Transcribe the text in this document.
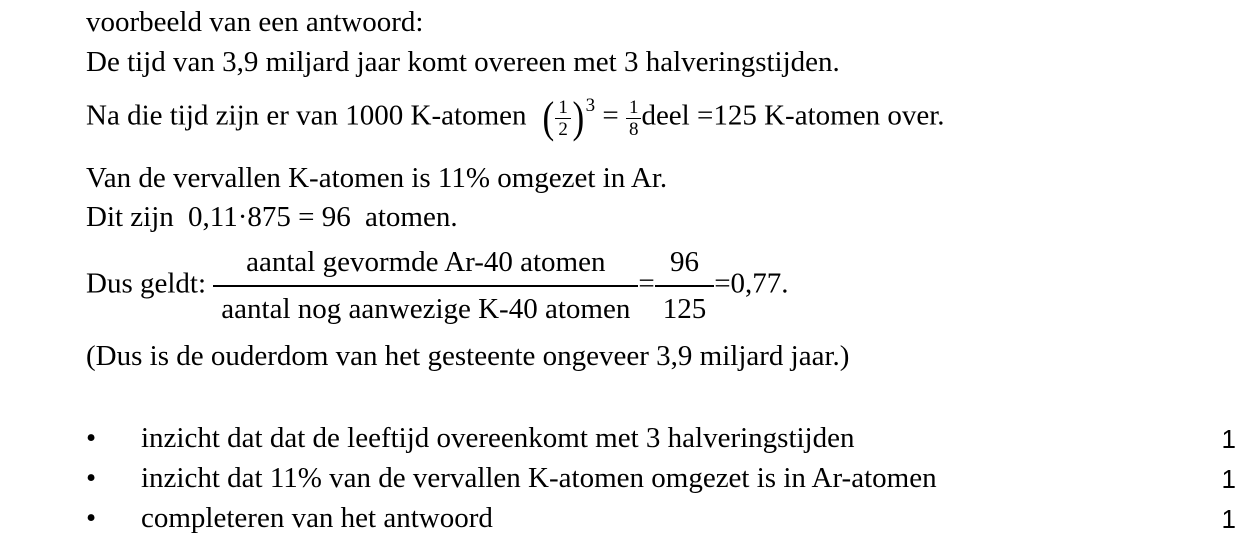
voorbeeld van een antwoord:
De tijd van 3,9 miljard jaar komt overeen met 3 halveringstijden.
Na die tijd zijn er van 1000 K-atomen ( $\frac{1}{2} )^3 = \frac{1}{8}$ deel =125 K-atomen over.
Van de vervallen K-atomen is 11% omgezet in Ar.
Dit zijn 0,11·875 = 96 atomen.
Dus geldt: $\frac{\text{aantal gevormde Ar-40 atomen}}{\text{aantal nog aanwezige K-40 atomen}} = \frac{96}{125} =0,77$.
(Dus is de ouderdom van het gesteente ongeveer 3,9 miljard jaar.)
• inzicht dat dat de leeftijd overeenkomt met 3 halveringstijden	1
• inzicht dat 11% van de vervallen K-atomen omgezet is in Ar-atomen	1
• completeren van het antwoord	1
